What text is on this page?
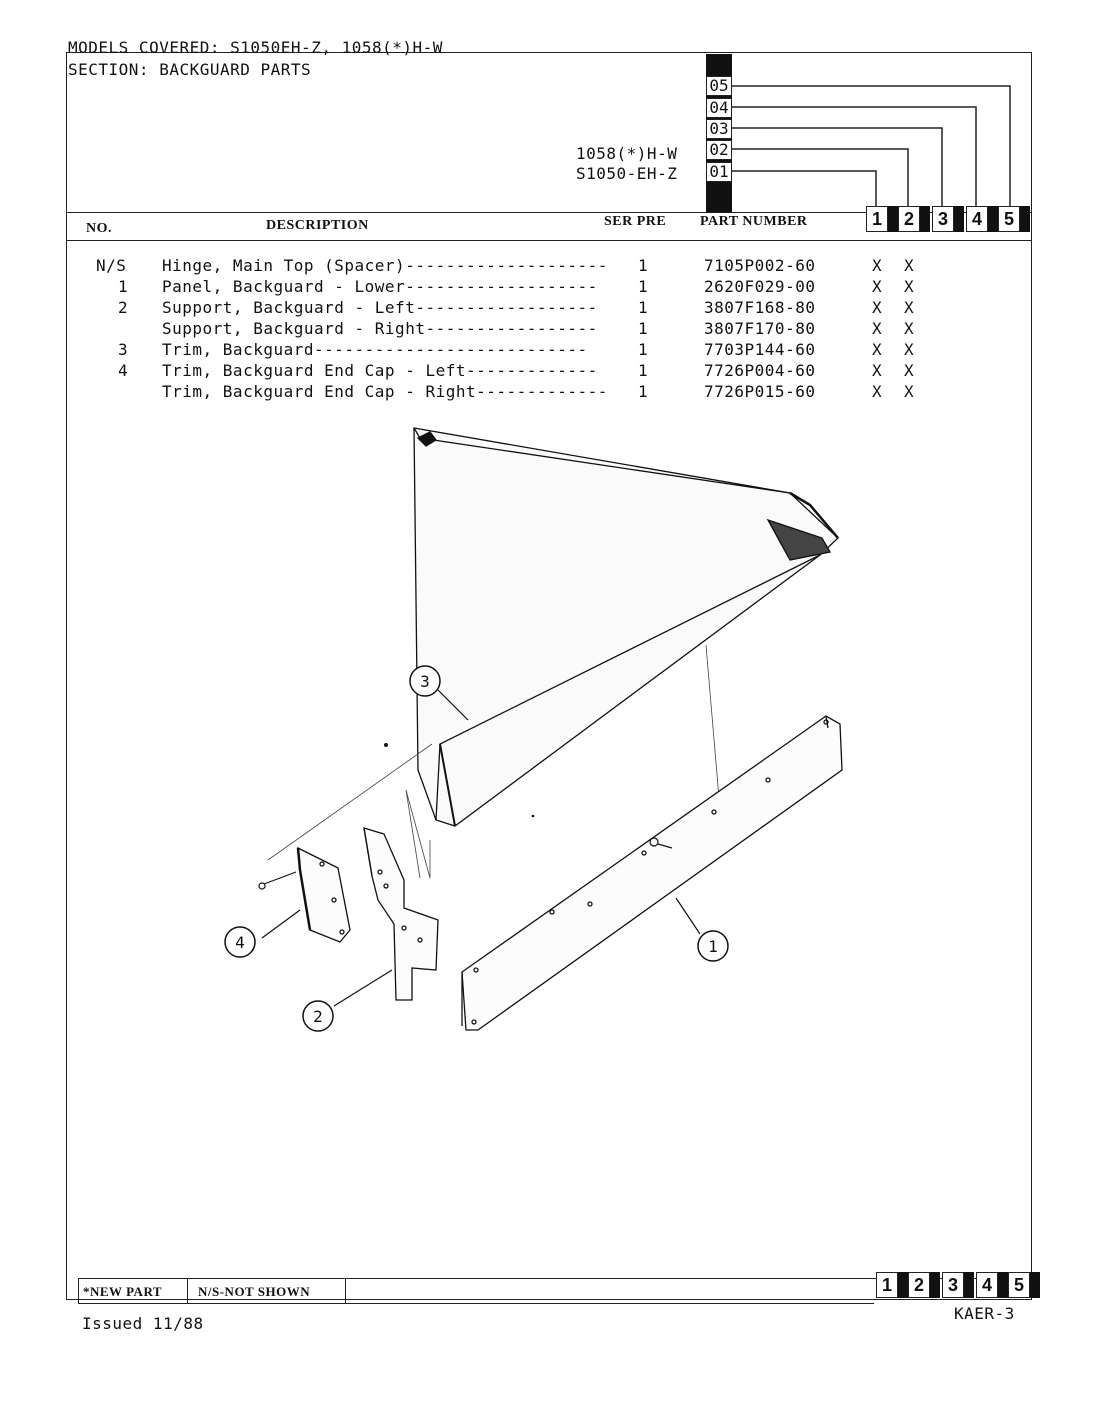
MODELS COVERED: S1050EH-Z, 1058(*)H-W
SECTION: BACKGUARD PARTS
1058(*)H-W
S1050-EH-Z
05
04
03
02
01
1	2	3	4	5
NO.	DESCRIPTION	SER PRE PART NUMBER
N/S Hinge, Main Top (Spacer)-------------------- 1	7105P002-60	X X
1 Panel, Backguard - Lower-------------------	1	2620F029-00	X X
2 Support, Backguard - Left------------------	1	3807F168-80	X X
Support, Backguard - Right-----------------	1	3807F170-80	X X
3 Trim, Backguard---------------------------	1	7703P144-60	X X
4 Trim, Backguard End Cap - Left-------------	1	7726P004-60	X X
Trim, Backguard End Cap - Right------------- 1	7726P015-60	X X
3
4
2
1
*NEW PART	N/S-NOT SHOWN	1	2	3	4	5
Issued 11/88
KAER-3
